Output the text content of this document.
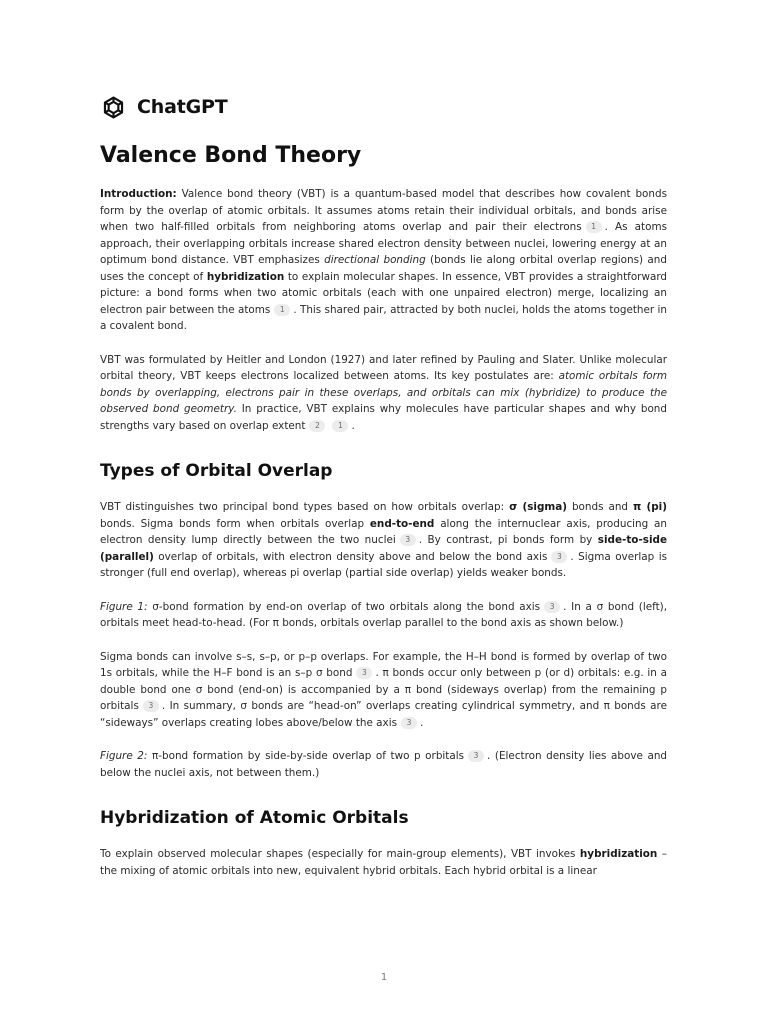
ChatGPT
Valence Bond Theory

Introduction: Valence bond theory (VBT) is a quantum-based model that describes how covalent bonds form by the overlap of atomic orbitals. It assumes atoms retain their individual orbitals, and bonds arise when two half-filled orbitals from neighboring atoms overlap and pair their electrons 1 . As atoms approach, their overlapping orbitals increase shared electron density between nuclei, lowering energy at an optimum bond distance. VBT emphasizes directional bonding (bonds lie along orbital overlap regions) and uses the concept of hybridization to explain molecular shapes. In essence, VBT provides a straightforward picture: a bond forms when two atomic orbitals (each with one unpaired electron) merge, localizing an electron pair between the atoms 1 . This shared pair, attracted by both nuclei, holds the atoms together in a covalent bond.

VBT was formulated by Heitler and London (1927) and later refined by Pauling and Slater. Unlike molecular orbital theory, VBT keeps electrons localized between atoms. Its key postulates are: atomic orbitals form bonds by overlapping, electrons pair in these overlaps, and orbitals can mix (hybridize) to produce the observed bond geometry. In practice, VBT explains why molecules have particular shapes and why bond strengths vary based on overlap extent 2 1 .

Types of Orbital Overlap

VBT distinguishes two principal bond types based on how orbitals overlap: σ (sigma) bonds and π (pi) bonds. Sigma bonds form when orbitals overlap end-to-end along the internuclear axis, producing an electron density lump directly between the two nuclei 3 . By contrast, pi bonds form by side-to-side (parallel) overlap of orbitals, with electron density above and below the bond axis 3 . Sigma overlap is stronger (full end overlap), whereas pi overlap (partial side overlap) yields weaker bonds.

Figure 1: σ-bond formation by end-on overlap of two orbitals along the bond axis 3 . In a σ bond (left), orbitals meet head-to-head. (For π bonds, orbitals overlap parallel to the bond axis as shown below.)

Sigma bonds can involve s–s, s–p, or p–p overlaps. For example, the H–H bond is formed by overlap of two 1s orbitals, while the H–F bond is an s–p σ bond 3 . π bonds occur only between p (or d) orbitals: e.g. in a double bond one σ bond (end-on) is accompanied by a π bond (sideways overlap) from the remaining p orbitals 3 . In summary, σ bonds are “head-on” overlaps creating cylindrical symmetry, and π bonds are “sideways” overlaps creating lobes above/below the axis 3 .

Figure 2: π-bond formation by side-by-side overlap of two p orbitals 3 . (Electron density lies above and below the nuclei axis, not between them.)

Hybridization of Atomic Orbitals

To explain observed molecular shapes (especially for main-group elements), VBT invokes hybridization – the mixing of atomic orbitals into new, equivalent hybrid orbitals. Each hybrid orbital is a linear

1
